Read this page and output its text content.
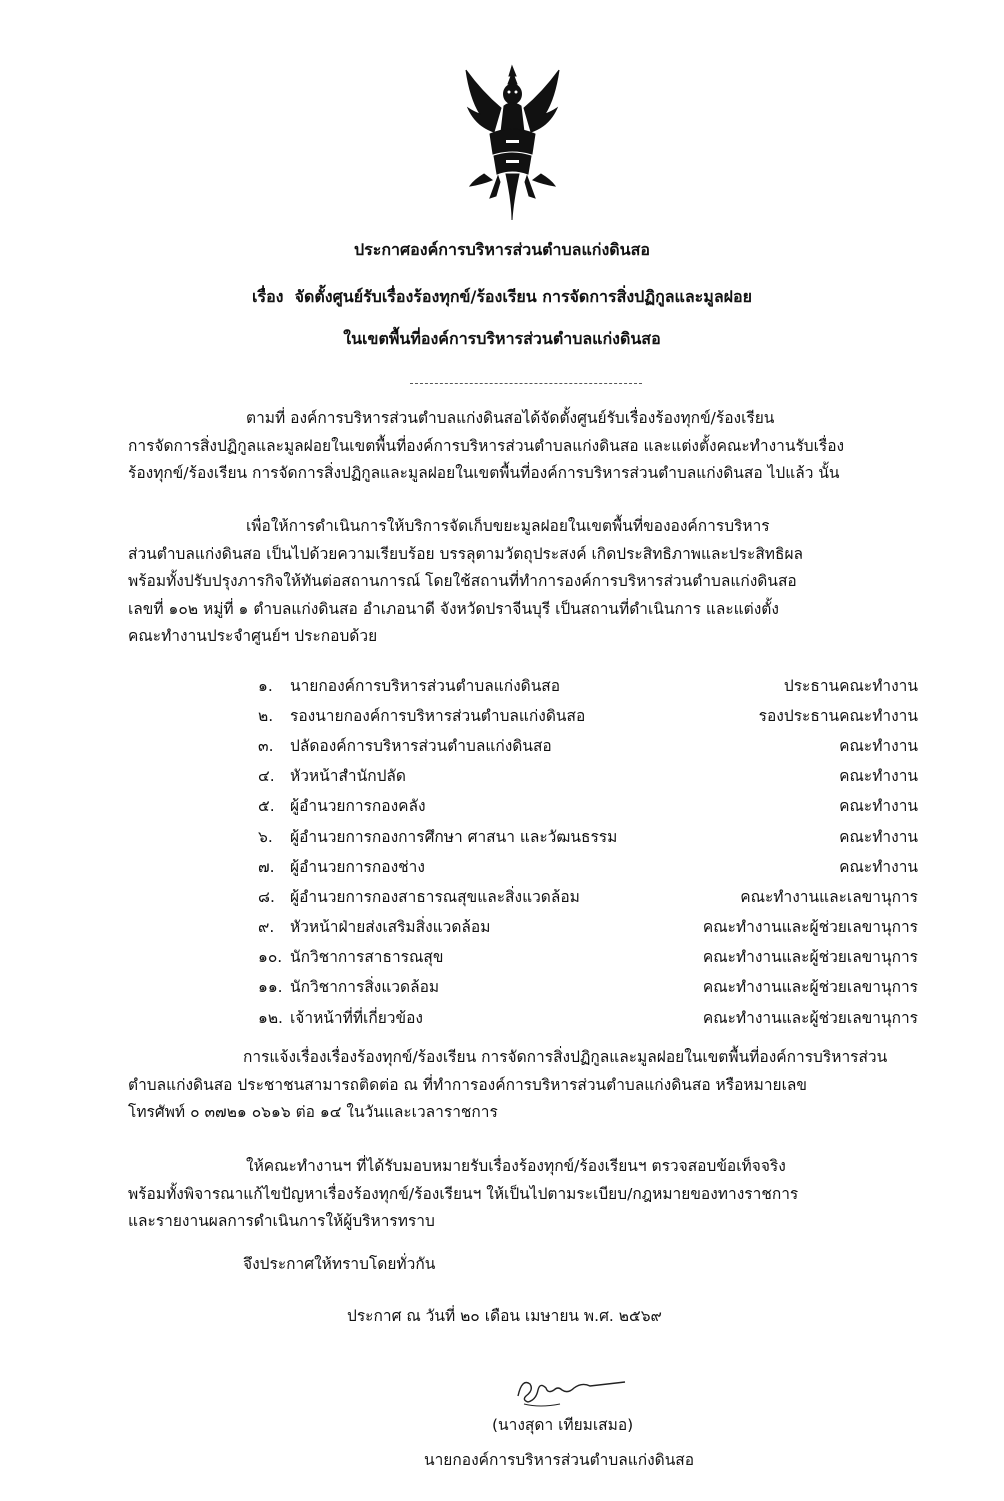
ประกาศองค์การบริหารส่วนตำบลแก่งดินสอ
เรื่อง จัดตั้งศูนย์รับเรื่องร้องทุกข์/ร้องเรียน การจัดการสิ่งปฏิกูลและมูลฝอย
ในเขตพื้นที่องค์การบริหารส่วนตำบลแก่งดินสอ
ตามที่ องค์การบริหารส่วนตำบลแก่งดินสอได้จัดตั้งศูนย์รับเรื่องร้องทุกข์/ร้องเรียน
การจัดการสิ่งปฏิกูลและมูลฝอยในเขตพื้นที่องค์การบริหารส่วนตำบลแก่งดินสอ และแต่งตั้งคณะทำงานรับเรื่อง
ร้องทุกข์/ร้องเรียน การจัดการสิ่งปฏิกูลและมูลฝอยในเขตพื้นที่องค์การบริหารส่วนตำบลแก่งดินสอ ไปแล้ว นั้น
เพื่อให้การดำเนินการให้บริการจัดเก็บขยะมูลฝอยในเขตพื้นที่ขององค์การบริหาร
ส่วนตำบลแก่งดินสอ เป็นไปด้วยความเรียบร้อย บรรลุตามวัตถุประสงค์ เกิดประสิทธิภาพและประสิทธิผล
พร้อมทั้งปรับปรุงภารกิจให้ทันต่อสถานการณ์ โดยใช้สถานที่ทำการองค์การบริหารส่วนตำบลแก่งดินสอ
เลขที่ ๑๐๒ หมู่ที่ ๑ ตำบลแก่งดินสอ อำเภอนาดี จังหวัดปราจีนบุรี เป็นสถานที่ดำเนินการ และแต่งตั้ง
คณะทำงานประจำศูนย์ฯ ประกอบด้วย
๑.	นายกองค์การบริหารส่วนตำบลแก่งดินสอ	ประธานคณะทำงาน
๒.	รองนายกองค์การบริหารส่วนตำบลแก่งดินสอ	รองประธานคณะทำงาน
๓.	ปลัดองค์การบริหารส่วนตำบลแก่งดินสอ	คณะทำงาน
๔. หัวหน้าสำนักปลัด	คณะทำงาน
๕. ผู้อำนวยการกองคลัง	คณะทำงาน
๖.	ผู้อำนวยการกองการศึกษา ศาสนา และวัฒนธรรม	คณะทำงาน
๗. ผู้อำนวยการกองช่าง	คณะทำงาน
๘. ผู้อำนวยการกองสาธารณสุขและสิ่งแวดล้อม	คณะทำงานและเลขานุการ
๙.	หัวหน้าฝ่ายส่งเสริมสิ่งแวดล้อม	คณะทำงานและผู้ช่วยเลขานุการ
๑๐. นักวิชาการสาธารณสุข	คณะทำงานและผู้ช่วยเลขานุการ
๑๑. นักวิชาการสิ่งแวดล้อม	คณะทำงานและผู้ช่วยเลขานุการ
๑๒. เจ้าหน้าที่ที่เกี่ยวข้อง	คณะทำงานและผู้ช่วยเลขานุการ
การแจ้งเรื่องเรื่องร้องทุกข์/ร้องเรียน การจัดการสิ่งปฏิกูลและมูลฝอยในเขตพื้นที่องค์การบริหารส่วน
ตำบลแก่งดินสอ ประชาชนสามารถติดต่อ ณ ที่ทำการองค์การบริหารส่วนตำบลแก่งดินสอ หรือหมายเลข
โทรศัพท์ ๐ ๓๗๒๑ ๐๖๑๖ ต่อ ๑๔ ในวันและเวลาราชการ
ให้คณะทำงานฯ ที่ได้รับมอบหมายรับเรื่องร้องทุกข์/ร้องเรียนฯ ตรวจสอบข้อเท็จจริง
พร้อมทั้งพิจารณาแก้ไขปัญหาเรื่องร้องทุกข์/ร้องเรียนฯ ให้เป็นไปตามระเบียบ/กฎหมายของทางราชการ
และรายงานผลการดำเนินการให้ผู้บริหารทราบ
จึงประกาศให้ทราบโดยทั่วกัน
ประกาศ ณ วันที่ ๒๐ เดือน เมษายน พ.ศ. ๒๕๖๙
(นางสุดา เทียมเสมอ)
นายกองค์การบริหารส่วนตำบลแก่งดินสอ
